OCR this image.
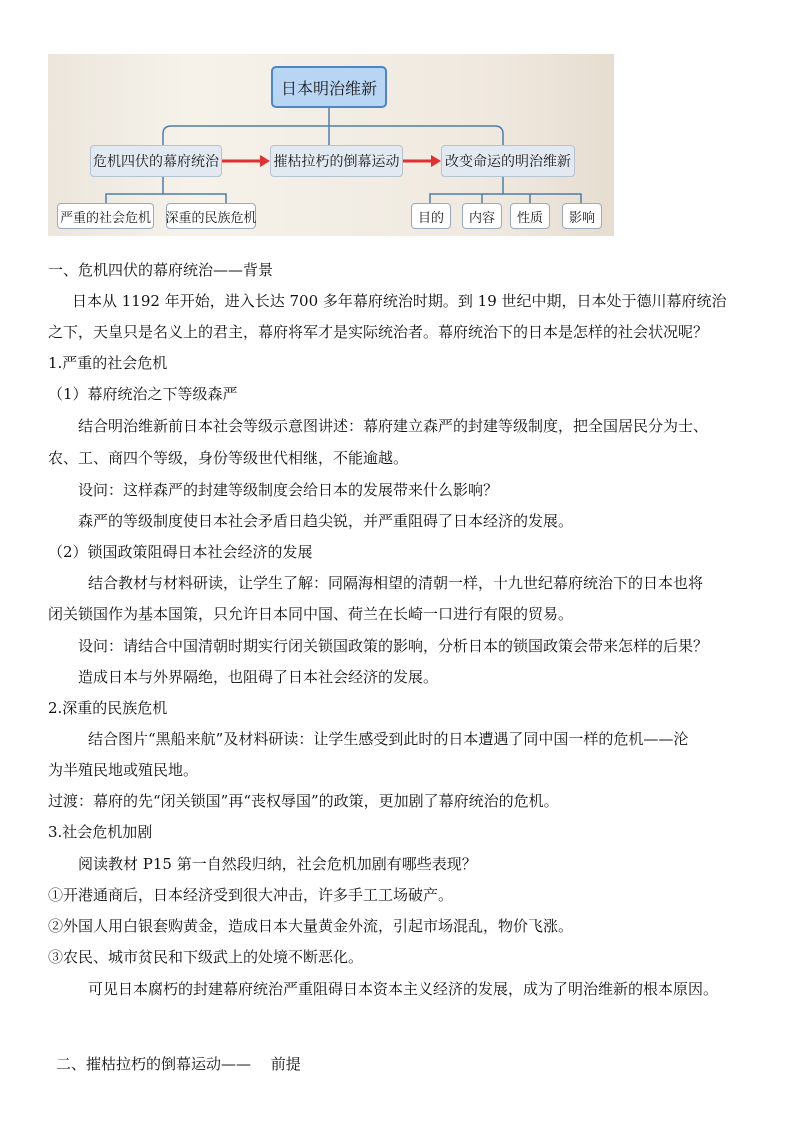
日本明治维新
危机四伏的幕府统治	摧枯拉朽的倒幕运动	改变命运的明治维新
严重的社会危机 深重的民族危机	目的	内容	性质	影响
一、危机四伏的幕府统治——背景
日本从 1192 年开始，进入长达 700 多年幕府统治时期。到 19 世纪中期，日本处于德川幕府统治
之下，天皇只是名义上的君主，幕府将军才是实际统治者。幕府统治下的日本是怎样的社会状况呢？
1.严重的社会危机
（1）幕府统治之下等级森严
结合明治维新前日本社会等级示意图讲述：幕府建立森严的封建等级制度，把全国居民分为士、
农、工、商四个等级，身份等级世代相继，不能逾越。
设问：这样森严的封建等级制度会给日本的发展带来什么影响？
森严的等级制度使日本社会矛盾日趋尖锐，并严重阻碍了日本经济的发展。
（2）锁国政策阻碍日本社会经济的发展
结合教材与材料研读，让学生了解：同隔海相望的清朝一样，十九世纪幕府统治下的日本也将
闭关锁国作为基本国策，只允许日本同中国、荷兰在长崎一口进行有限的贸易。
设问：请结合中国清朝时期实行闭关锁国政策的影响，分析日本的锁国政策会带来怎样的后果？
造成日本与外界隔绝，也阻碍了日本社会经济的发展。
2.深重的民族危机
结合图片“黑船来航”及材料研读：让学生感受到此时的日本遭遇了同中国一样的危机——沦
为半殖民地或殖民地。
过渡：幕府的先“闭关锁国”再“丧权辱国”的政策，更加剧了幕府统治的危机。
3.社会危机加剧
阅读教材 P15 第一自然段归纳，社会危机加剧有哪些表现？
①开港通商后，日本经济受到很大冲击，许多手工工场破产。
②外国人用白银套购黄金，造成日本大量黄金外流，引起市场混乱，物价飞涨。
③农民、城市贫民和下级武上的处境不断恶化。
可见日本腐朽的封建幕府统治严重阻碍日本资本主义经济的发展，成为了明治维新的根本原因。
二、摧枯拉朽的倒幕运动——　 前提
